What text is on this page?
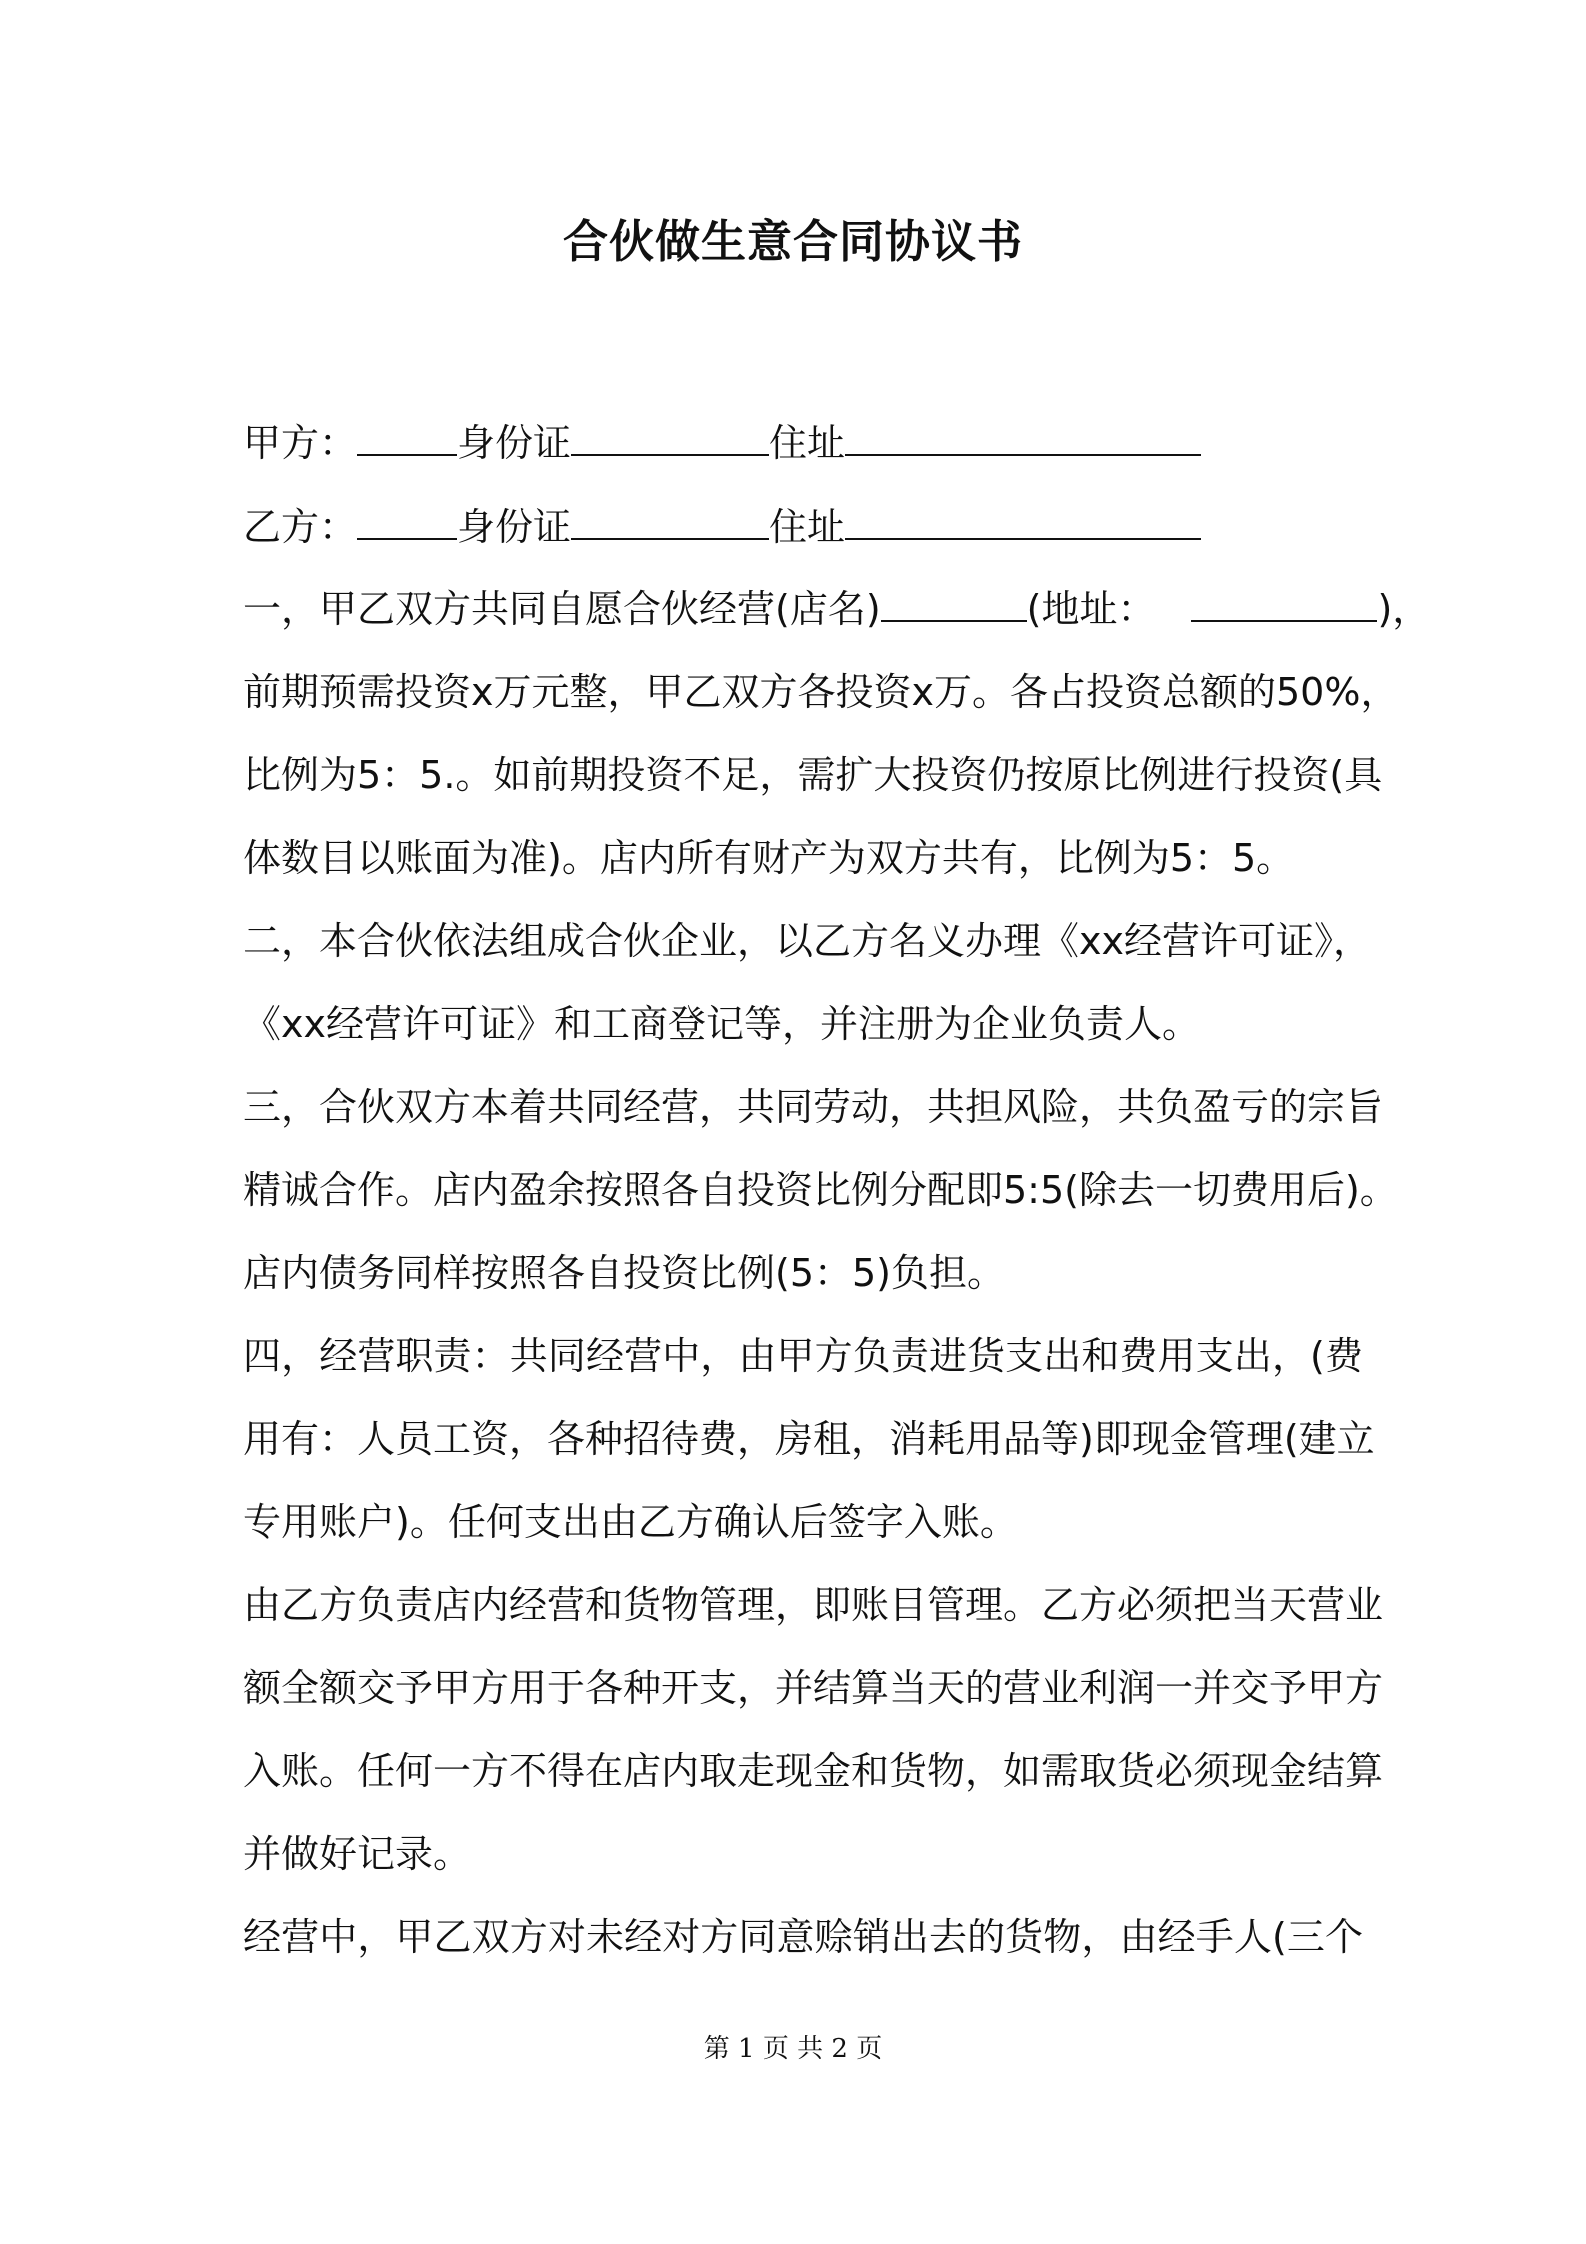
合伙做生意合同协议书

甲方：	身份证	住址

乙方：	身份证	住址

一，甲乙双方共同自愿合伙经营(店名)	(地址：	)，

前期预需投资x万元整，甲乙双方各投资x万。各占投资总额的50%，

比例为5：5.。如前期投资不足，需扩大投资仍按原比例进行投资(具

体数目以账面为准)。店内所有财产为双方共有，比例为5：5。

二，本合伙依法组成合伙企业，以乙方名义办理《xx经营许可证》，

《xx经营许可证》和工商登记等，并注册为企业负责人。

三，合伙双方本着共同经营，共同劳动，共担风险，共负盈亏的宗旨

精诚合作。店内盈余按照各自投资比例分配即5:5(除去一切费用后)。

店内债务同样按照各自投资比例(5：5)负担。

四，经营职责：共同经营中，由甲方负责进货支出和费用支出，(费

用有：人员工资，各种招待费，房租，消耗用品等)即现金管理(建立

专用账户)。任何支出由乙方确认后签字入账。

由乙方负责店内经营和货物管理，即账目管理。乙方必须把当天营业

额全额交予甲方用于各种开支，并结算当天的营业利润一并交予甲方

入账。任何一方不得在店内取走现金和货物，如需取货必须现金结算

并做好记录。

经营中，甲乙双方对未经对方同意赊销出去的货物，由经手人(三个

第 1 页 共 2 页
